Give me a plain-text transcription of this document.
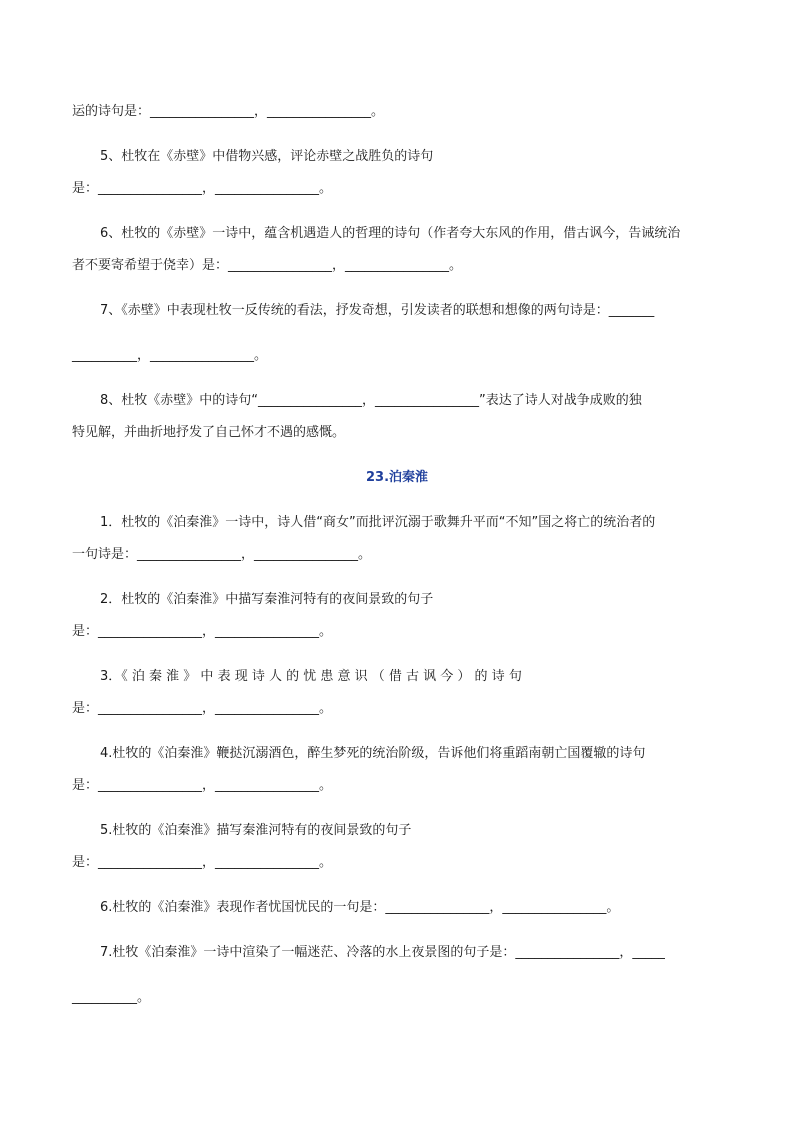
运的诗句是：________________，________________。
5、杜牧在《赤壁》中借物兴感，评论赤壁之战胜负的诗句
是：________________，________________。
6、杜牧的《赤壁》一诗中，蕴含机遇造人的哲理的诗句（作者夸大东风的作用，借古讽今，告诫统治
者不要寄希望于侥幸）是：________________，________________。
7、《赤壁》中表现杜牧一反传统的看法，抒发奇想，引发读者的联想和想像的两句诗是：_______
__________，________________。
8、杜牧《赤壁》中的诗句“________________，________________”表达了诗人对战争成败的独
特见解，并曲折地抒发了自己怀才不遇的感慨。
23.泊秦淮
1．杜牧的《泊秦淮》一诗中，诗人借“商女”而批评沉溺于歌舞升平而“不知”国之将亡的统治者的
一句诗是：________________，________________。
2．杜牧的《泊秦淮》中描写秦淮河特有的夜间景致的句子
是：________________，________________。
3．《 泊 秦 淮 》 中 表 现 诗 人 的 忧 患 意 识 （ 借 古 讽 今 ） 的 诗 句
是：________________，________________。
4.杜牧的《泊秦淮》鞭挞沉溺酒色，醉生梦死的统治阶级，告诉他们将重蹈南朝亡国覆辙的诗句
是：________________，________________。
5.杜牧的《泊秦淮》描写秦淮河特有的夜间景致的句子
是：________________，________________。
6.杜牧的《泊秦淮》表现作者忧国忧民的一句是：________________，________________。
7.杜牧《泊秦淮》一诗中渲染了一幅迷茫、冷落的水上夜景图的句子是：________________，_____
__________。
